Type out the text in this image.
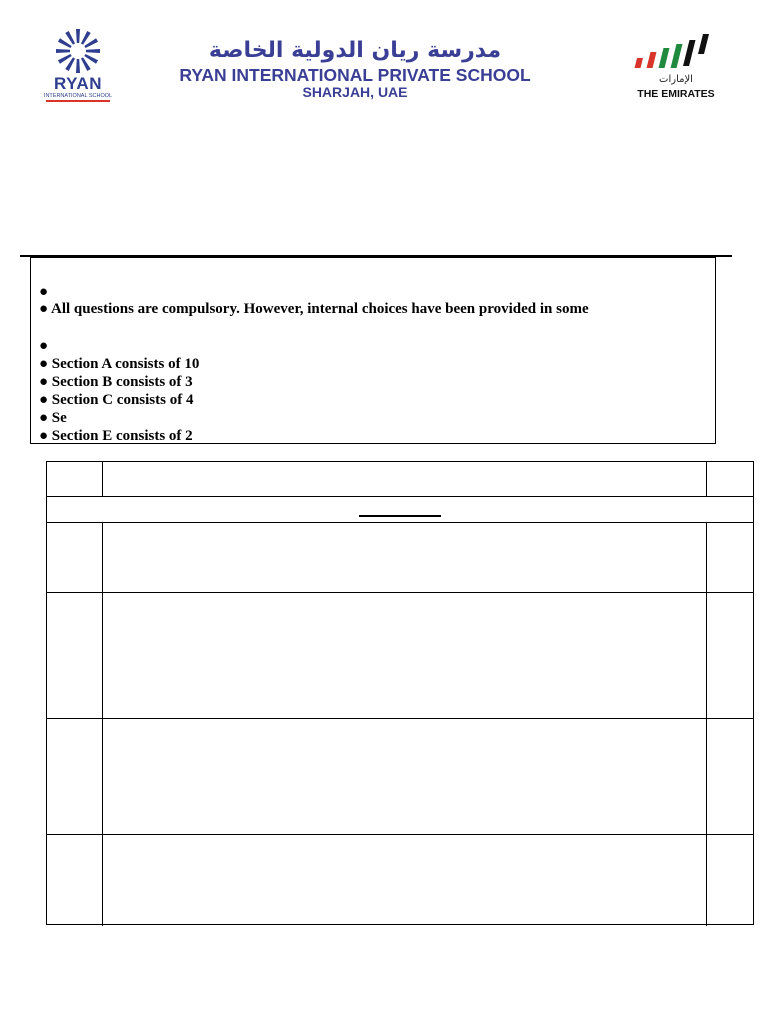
RYAN
INTERNATIONAL SCHOOL
مدرسة ريان الدولية الخاصة
RYAN INTERNATIONAL PRIVATE SCHOOL
SHARJAH, UAE
الإمارات
THE EMIRATES
●
● All questions are compulsory. However, internal choices have been provided in some
●
● Section A consists of 10
● Section B consists of 3
● Section C consists of 4
● Se
● Section E consists of 2
